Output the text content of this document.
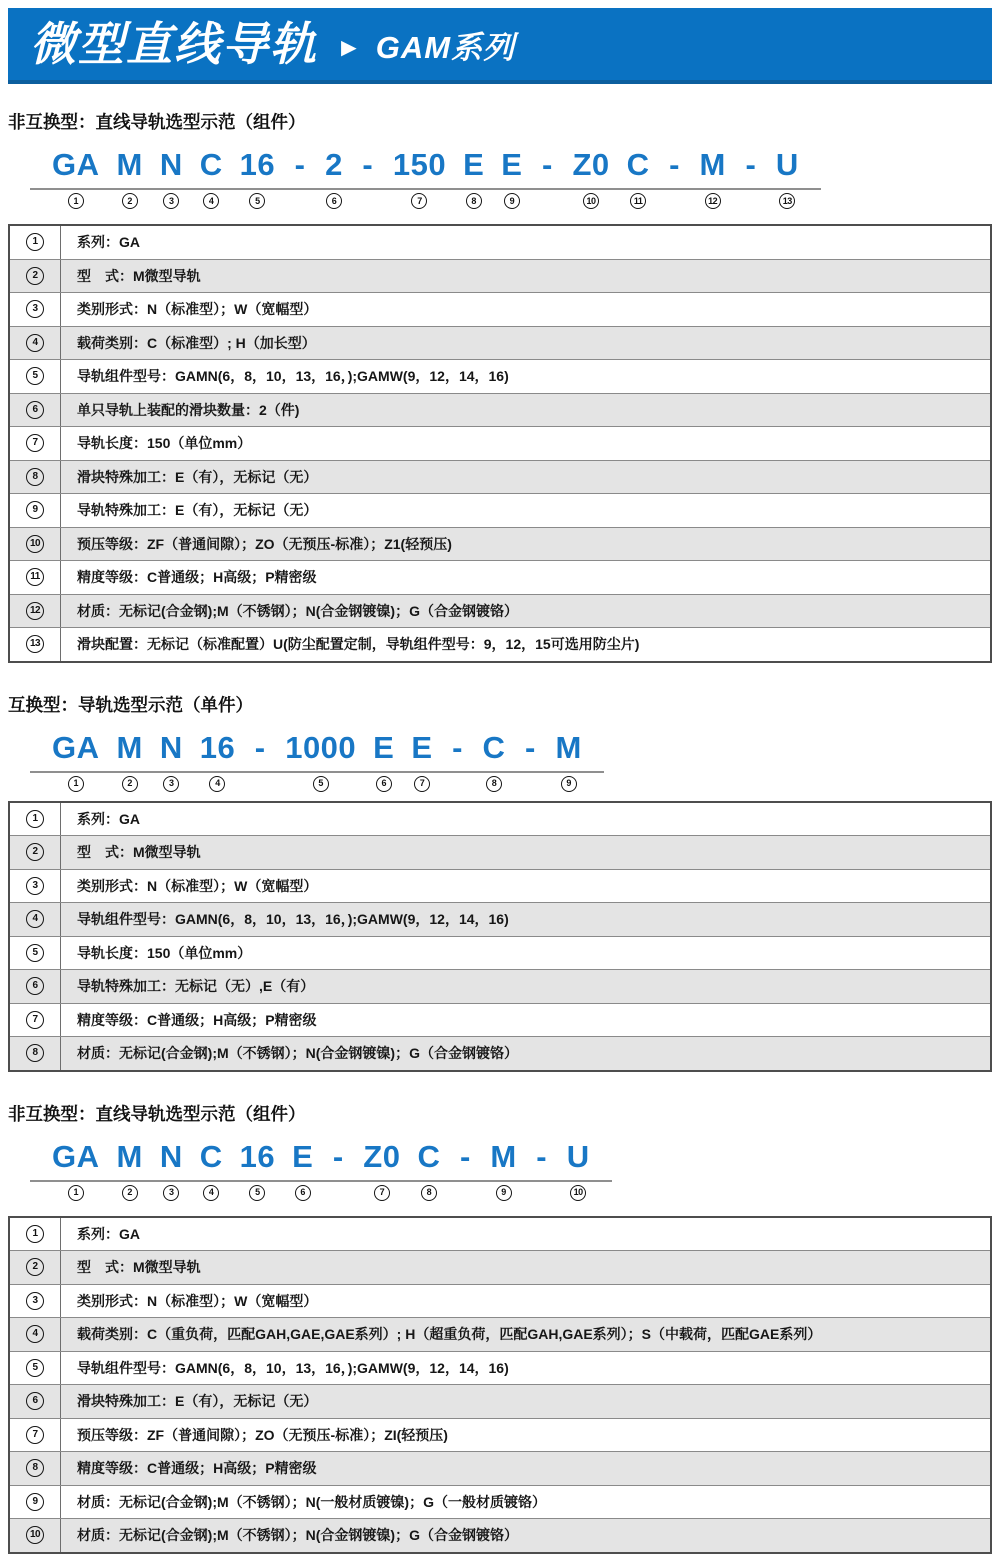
微型直线导轨 ► GAM系列
非互换型：直线导轨选型示范（组件）
GA
1
M
2
N
3
C
4
16
5
- 2
6
- 150
7
E
8
E
9
- Z0
10
C
11
- M
12
- U
13
1	系列：GA
2	型　式：M微型导轨
3	类别形式：N（标准型）；W（宽幅型）
4	载荷类别：C（标准型）; H（加长型）
5	导轨组件型号：GAMN(6，8，10，13，16，);GAMW(9，12，14，16)
6	单只导轨上装配的滑块数量：2（件)
7	导轨长度：150（单位mm）
8	滑块特殊加工：E（有），无标记（无）
9	导轨特殊加工：E（有），无标记（无）
10	预压等级：ZF（普通间隙）；ZO（无预压-标准）；Z1(轻预压)
11	精度等级：C普通级；H高级；P精密级
12	材质：无标记(合金钢);M（不锈钢）；N(合金钢镀镍)；G（合金钢镀铬）
13	滑块配置：无标记（标准配置）U(防尘配置定制，导轨组件型号：9，12，15可选用防尘片)
互换型：导轨选型示范（单件）
GA
1
M
2
N
3
16
4
- 1000
5
E
6
E
7
- C
8
- M
9
1	系列：GA
2	型　式：M微型导轨
3	类别形式：N（标准型）；W（宽幅型）
4	导轨组件型号：GAMN(6，8，10，13，16，);GAMW(9，12，14，16)
5	导轨长度：150（单位mm）
6	导轨特殊加工：无标记（无）,E（有）
7	精度等级：C普通级；H高级；P精密级
8	材质：无标记(合金钢);M（不锈钢）；N(合金钢镀镍)；G（合金钢镀铬）
非互换型：直线导轨选型示范（组件）
GA
1
M
2
N
3
C
4
16
5
E
6
- Z0
7
C
8
- M
9
- U
10
1	系列：GA
2	型　式：M微型导轨
3	类别形式：N（标准型）；W（宽幅型）
4	载荷类别：C（重负荷，匹配GAH,GAE,GAE系列）; H（超重负荷，匹配GAH,GAE系列）；S（中载荷，匹配GAE系列）
5	导轨组件型号：GAMN(6，8，10，13，16，);GAMW(9，12，14，16)
6	滑块特殊加工：E（有），无标记（无）
7	预压等级：ZF（普通间隙）；ZO（无预压-标准）；ZI(轻预压)
8	精度等级：C普通级；H高级；P精密级
9	材质：无标记(合金钢);M（不锈钢）；N(一般材质镀镍)；G（一般材质镀铬）
10	材质：无标记(合金钢);M（不锈钢）；N(合金钢镀镍)；G（合金钢镀铬）
